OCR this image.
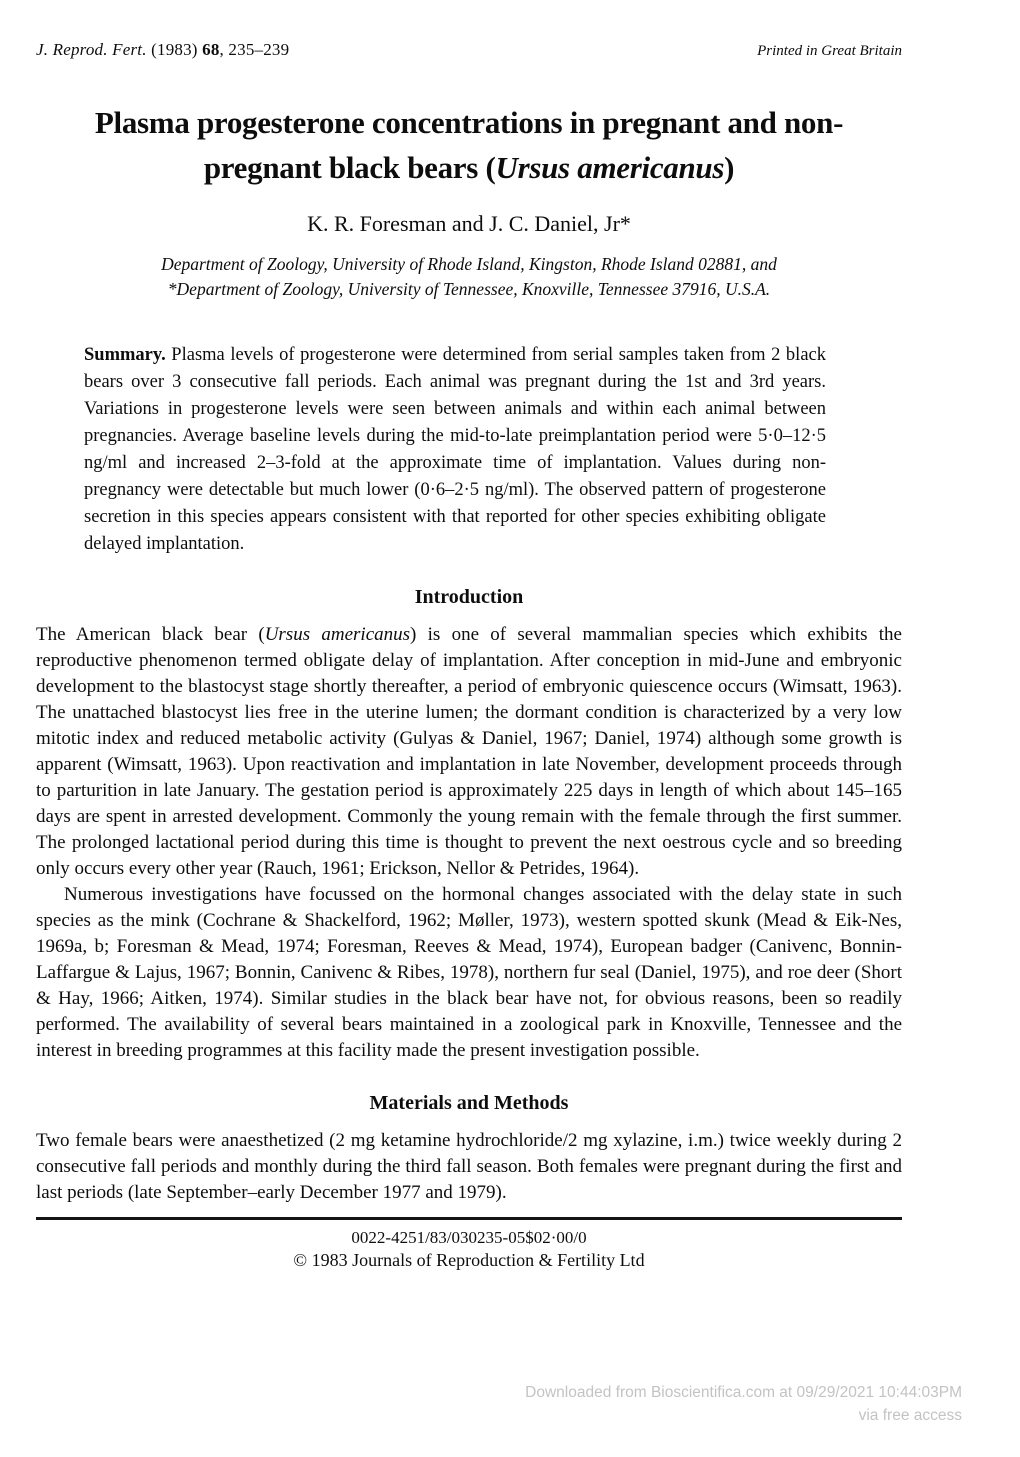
J. Reprod. Fert. (1983) 68, 235–239	Printed in Great Britain
Plasma progesterone concentrations in pregnant and non-
pregnant black bears (Ursus americanus)
K. R. Foresman and J. C. Daniel, Jr*
Department of Zoology, University of Rhode Island, Kingston, Rhode Island 02881, and
*Department of Zoology, University of Tennessee, Knoxville, Tennessee 37916, U.S.A.

Summary. Plasma levels of progesterone were determined from serial samples taken from 2 black bears over 3 consecutive fall periods. Each animal was pregnant during the 1st and 3rd years. Variations in progesterone levels were seen between animals and within each animal between pregnancies. Average baseline levels during the mid-to-late preimplantation period were 5·0–12·5 ng/ml and increased 2–3-fold at the approximate time of implantation. Values during non-pregnancy were detectable but much lower (0·6–2·5 ng/ml). The observed pattern of progesterone secretion in this species appears consistent with that reported for other species exhibiting obligate delayed implantation.

Introduction

The American black bear (Ursus americanus) is one of several mammalian species which exhibits the reproductive phenomenon termed obligate delay of implantation. After conception in mid-June and embryonic development to the blastocyst stage shortly thereafter, a period of embryonic quiescence occurs (Wimsatt, 1963). The unattached blastocyst lies free in the uterine lumen; the dormant condition is characterized by a very low mitotic index and reduced metabolic activity (Gulyas & Daniel, 1967; Daniel, 1974) although some growth is apparent (Wimsatt, 1963). Upon reactivation and implantation in late November, development proceeds through to parturition in late January. The gestation period is approximately 225 days in length of which about 145–165 days are spent in arrested development. Commonly the young remain with the female through the first summer. The prolonged lactational period during this time is thought to prevent the next oestrous cycle and so breeding only occurs every other year (Rauch, 1961; Erickson, Nellor & Petrides, 1964).

Numerous investigations have focussed on the hormonal changes associated with the delay state in such species as the mink (Cochrane & Shackelford, 1962; Møller, 1973), western spotted skunk (Mead & Eik-Nes, 1969a, b; Foresman & Mead, 1974; Foresman, Reeves & Mead, 1974), European badger (Canivenc, Bonnin-Laffargue & Lajus, 1967; Bonnin, Canivenc & Ribes, 1978), northern fur seal (Daniel, 1975), and roe deer (Short & Hay, 1966; Aitken, 1974). Similar studies in the black bear have not, for obvious reasons, been so readily performed. The availability of several bears maintained in a zoological park in Knoxville, Tennessee and the interest in breeding programmes at this facility made the present investigation possible.

Materials and Methods

Two female bears were anaesthetized (2 mg ketamine hydrochloride/2 mg xylazine, i.m.) twice weekly during 2 consecutive fall periods and monthly during the third fall season. Both females were pregnant during the first and last periods (late September–early December 1977 and 1979).

0022-4251/83/030235-05$02·00/0
© 1983 Journals of Reproduction & Fertility Ltd
Downloaded from Bioscientifica.com at 09/29/2021 10:44:03PM
via free access
